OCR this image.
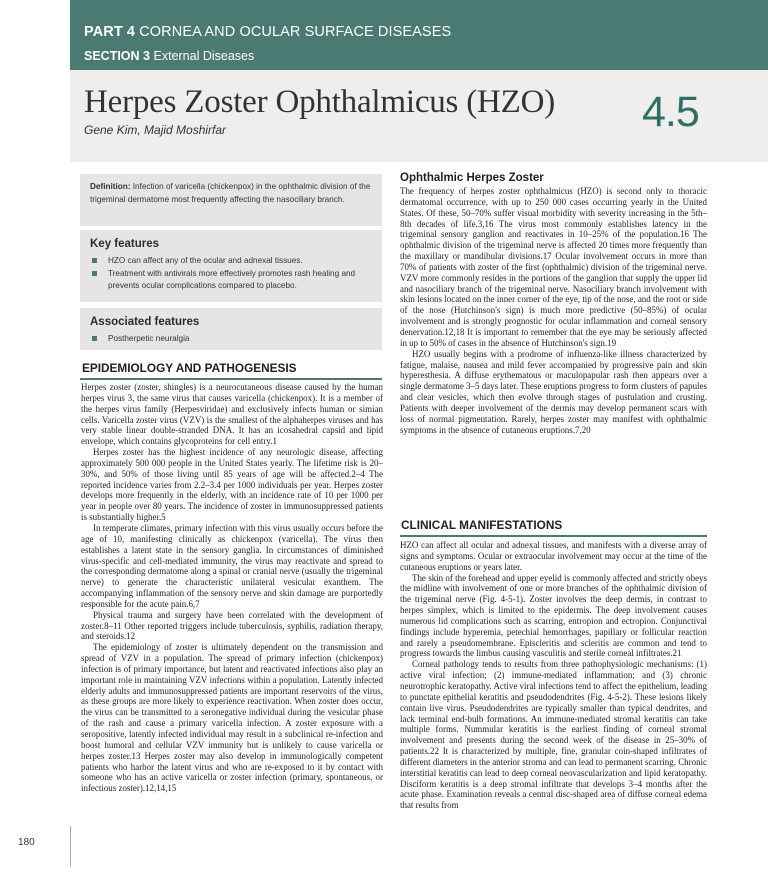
PART 4 CORNEA AND OCULAR SURFACE DISEASES
SECTION 3 External Diseases
Herpes Zoster Ophthalmicus (HZO)
Gene Kim, Majid Moshirfar	4.5
Definition: Infection of varicella (chickenpox) in the ophthalmic division of the trigeminal dermatome most frequently affecting the nasociliary branch.
Key features
HZO can affect any of the ocular and adnexal tissues.
Treatment with antivirals more effectively promotes rash healing and prevents ocular complications compared to placebo.
Associated features
Postherpetic neuralgia
EPIDEMIOLOGY AND PATHOGENESIS

Herpes zoster (zoster, shingles) is a neurocutaneous disease caused by the human herpes virus 3, the same virus that causes varicella (chickenpox). It is a member of the herpes virus family (Herpesviridae) and exclusively infects human or simian cells. Varicella zoster virus (VZV) is the smallest of the alphaherpes viruses and has very stable linear double-stranded DNA. It has an icosahedral capsid and lipid envelope, which contains glycoproteins for cell entry.1

Herpes zoster has the highest incidence of any neurologic disease, affecting approximately 500 000 people in the United States yearly. The lifetime risk is 20–30%, and 50% of those living until 85 years of age will be affected.2–4 The reported incidence varies from 2.2–3.4 per 1000 individuals per year. Herpes zoster develops more frequently in the elderly, with an incidence rate of 10 per 1000 per year in people over 80 years. The incidence of zoster in immunosuppressed patients is substantially higher.5

In temperate climates, primary infection with this virus usually occurs before the age of 10, manifesting clinically as chickenpox (varicella). The virus then establishes a latent state in the sensory ganglia. In circumstances of diminished virus-specific and cell-mediated immunity, the virus may reactivate and spread to the corresponding dermatome along a spinal or cranial nerve (usually the trigeminal nerve) to generate the characteristic unilateral vesicular exanthem. The accompanying inflammation of the sensory nerve and skin damage are purportedly responsible for the acute pain.6,7

Physical trauma and surgery have been correlated with the development of zoster.8–11 Other reported triggers include tuberculosis, syphilis, radiation therapy, and steroids.12

The epidemiology of zoster is ultimately dependent on the transmission and spread of VZV in a population. The spread of primary infection (chickenpox) infection is of primary importance, but latent and reactivated infections also play an important role in maintaining VZV infections within a population. Latently infected elderly adults and immunosuppressed patients are important reservoirs of the virus, as these groups are more likely to experience reactivation. When zoster does occur, the virus can be transmitted to a seronegative individual during the vesicular phase of the rash and cause a primary varicella infection. A zoster exposure with a seropositive, latently infected individual may result in a subclinical re-infection and boost humoral and cellular VZV immunity but is unlikely to cause varicella or herpes zoster.13 Herpes zoster may also develop in immunologically competent patients who harbor the latent virus and who are re-exposed to it by contact with someone who has an active varicella or zoster infection (primary, spontaneous, or infectious zoster).12,14,15

Ophthalmic Herpes Zoster

The frequency of herpes zoster ophthalmicus (HZO) is second only to thoracic dermatomal occurrence, with up to 250 000 cases occurring yearly in the United States. Of these, 50–70% suffer visual morbidity with severity increasing in the 5th–8th decades of life.3,16 The virus most commonly establishes latency in the trigeminal sensory ganglion and reactivates in 10–25% of the population.16 The ophthalmic division of the trigeminal nerve is affected 20 times more frequently than the maxillary or mandibular divisions.17 Ocular involvement occurs in more than 70% of patients with zoster of the first (ophthalmic) division of the trigeminal nerve. VZV more commonly resides in the portions of the ganglion that supply the upper lid and nasociliary branch of the trigeminal nerve. Nasociliary branch involvement with skin lesions located on the inner corner of the eye, tip of the nose, and the root or side of the nose (Hutchinson's sign) is much more predictive (50–85%) of ocular involvement and is strongly prognostic for ocular inflammation and corneal sensory denervation.12,18 It is important to remember that the eye may be seriously affected in up to 50% of cases in the absence of Hutchinson's sign.19

HZO usually begins with a prodrome of influenza-like illness characterized by fatigue, malaise, nausea and mild fever accompanied by progressive pain and skin hyperesthesia. A diffuse erythematous or maculopapular rash then appears over a single dermatome 3–5 days later. These eruptions progress to form clusters of papules and clear vesicles, which then evolve through stages of pustulation and crusting. Patients with deeper involvement of the dermis may develop permanent scars with loss of normal pigmentation. Rarely, herpes zoster may manifest with ophthalmic symptoms in the absence of cutaneous eruptions.7,20

CLINICAL MANIFESTATIONS

HZO can affect all ocular and adnexal tissues, and manifests with a diverse array of signs and symptoms. Ocular or extraocular involvement may occur at the time of the cutaneous eruptions or years later.

The skin of the forehead and upper eyelid is commonly affected and strictly obeys the midline with involvement of one or more branches of the ophthalmic division of the trigeminal nerve (Fig. 4-5-1). Zoster involves the deep dermis, in contrast to herpes simplex, which is limited to the epidermis. The deep involvement causes numerous lid complications such as scarring, entropion and ectropion. Conjunctival findings include hyperemia, petechial hemorrhages, papillary or follicular reaction and rarely a pseudomembrane. Episcleritis and scleritis are common and tend to progress towards the limbus causing vasculitis and sterile corneal infiltrates.21

Corneal pathology tends to results from three pathophysiologic mechanisms: (1) active viral infection; (2) immune-mediated inflammation; and (3) chronic neurotrophic keratopathy. Active viral infections tend to affect the epithelium, leading to punctate epithelial keratitis and pseudodendrites (Fig. 4-5-2). These lesions likely contain live virus. Pseudodendrites are typically smaller than typical dendrites, and lack terminal end-bulb formations. An immune-mediated stromal keratitis can take multiple forms. Nummular keratitis is the earliest finding of corneal stromal involvement and presents during the second week of the disease in 25–30% of patients.22 It is characterized by multiple, fine, granular coin-shaped infiltrates of different diameters in the anterior stroma and can lead to permanent scarring. Chronic interstitial keratitis can lead to deep corneal neovascularization and lipid keratopathy. Disciform keratitis is a deep stromal infiltrate that develops 3–4 months after the acute phase. Examination reveals a central disc-shaped area of diffuse corneal edema that results from

180
